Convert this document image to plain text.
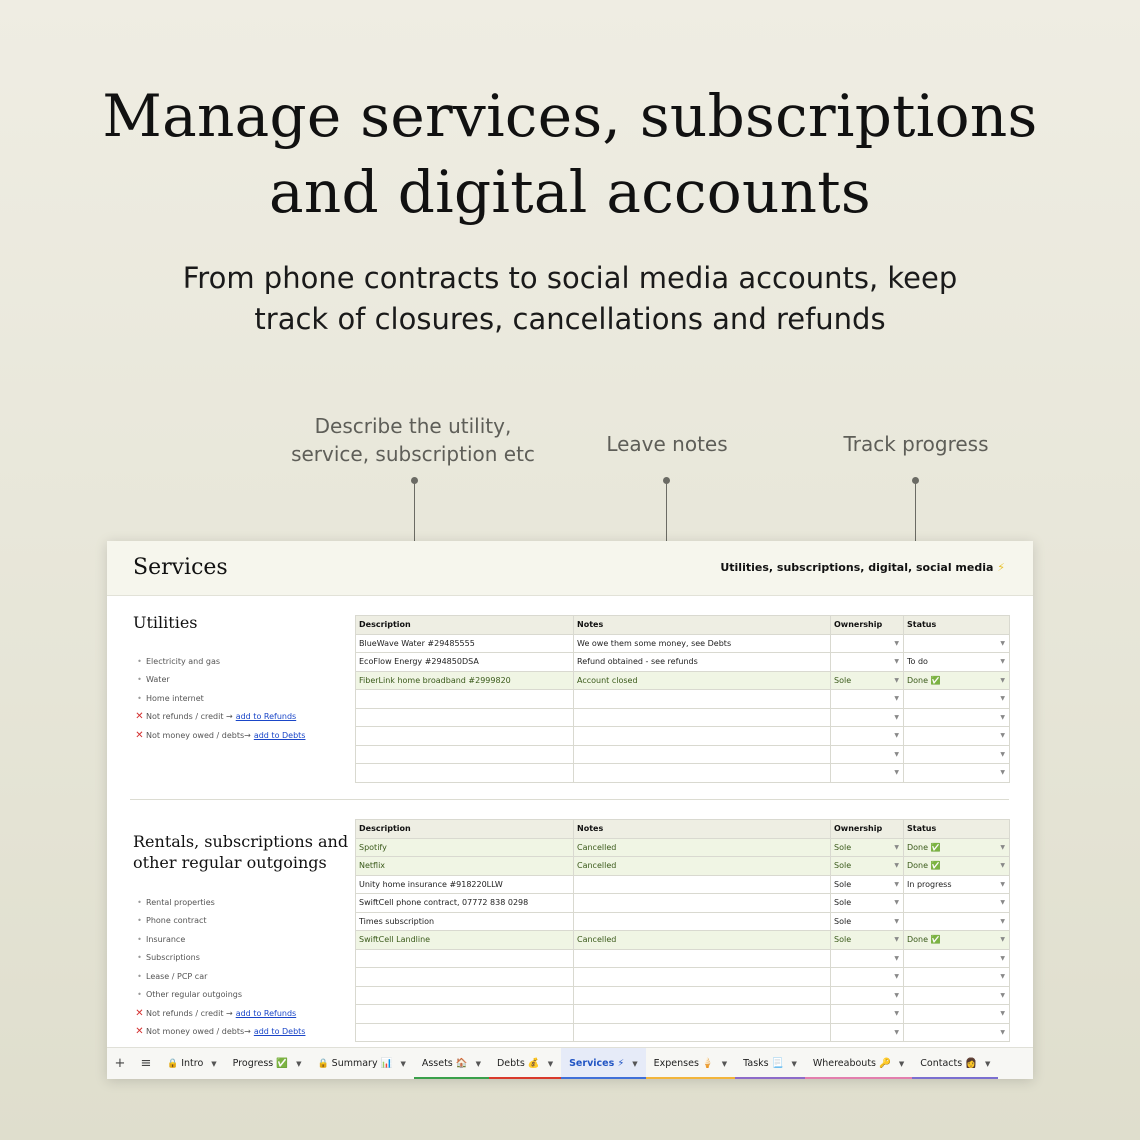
Manage services, subscriptions
and digital accounts
From phone contracts to social media accounts, keep
track of closures, cancellations and refunds
Describe the utility,
service, subscription etc	Leave notes	Track progress
Services	Utilities, subscriptions, digital, social media ⚡
Utilities
• Electricity and gas
• Water
• Home internet
✕ Not refunds / credit → add to Refunds
✕ Not money owed / debts→ add to Debts
Description	Notes	Ownership	Status
BlueWave Water #29485555	We owe them some money, see Debts	▼	▼

EcoFlow Energy #294850DSA	Refund obtained - see refunds	▼	To do ▼

FiberLink home broadband #2999820	Account closed	Sole ▼	Done ✅ ▼

		▼	▼

		▼	▼

		▼	▼

		▼	▼

		▼	▼
Rentals, subscriptions and
other regular outgoings
• Rental properties
• Phone contract
• Insurance
• Subscriptions
• Lease / PCP car
• Other regular outgoings
✕ Not refunds / credit → add to Refunds
✕ Not money owed / debts→ add to Debts
Description	Notes	Ownership	Status
Spotify	Cancelled	Sole ▼	Done ✅ ▼

Netflix	Cancelled	Sole ▼	Done ✅ ▼

Unity home insurance #918220LLW		Sole ▼	In progress ▼

SwiftCell phone contract, 07772 838 0298		Sole ▼	▼

Times subscription		Sole ▼	▼

SwiftCell Landline	Cancelled	Sole ▼	Done ✅ ▼

		▼	▼

		▼	▼

		▼	▼

		▼	▼

		▼	▼
+	≡	🔒 Intro ▼ Progress ✅ ▼ 🔒 Summary 📊 ▼ Assets 🏠 ▼ Debts 💰 ▼ Services ⚡ ▼ Expenses 🍦 ▼ Tasks 📃 ▼ Whereabouts 🔑 ▼ Contacts 👩 ▼
